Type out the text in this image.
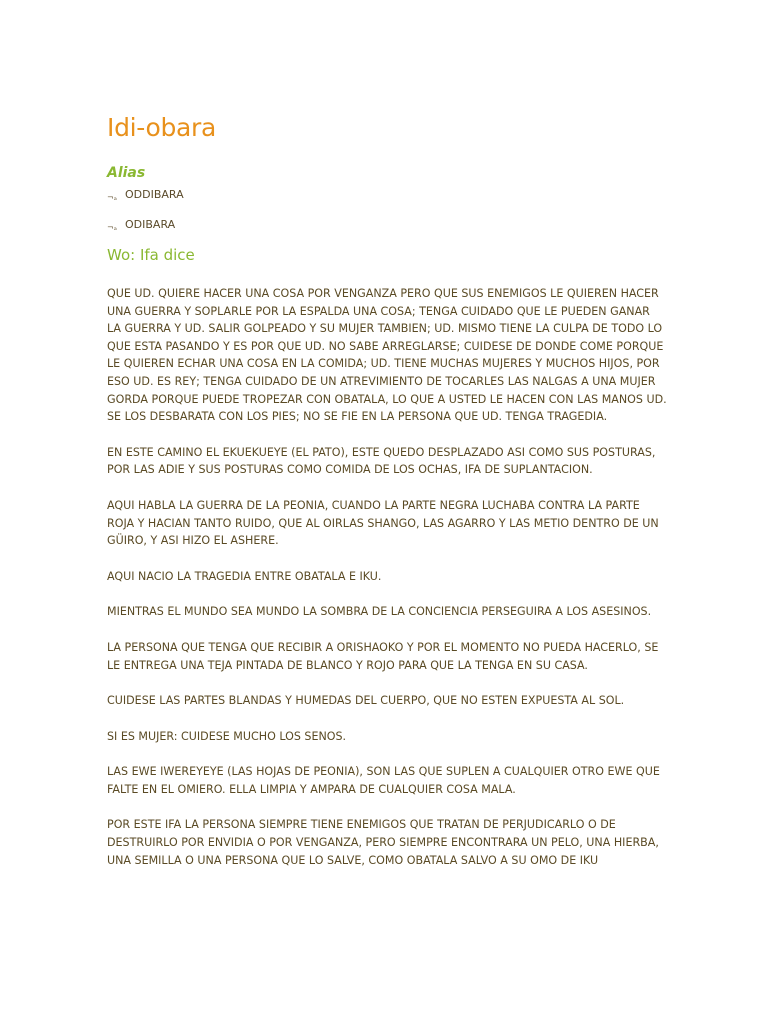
Idi-obara
Alias
¬ₐ ODDIBARA
¬ₐ ODIBARA
Wo: Ifa dice

QUE UD. QUIERE HACER UNA COSA POR VENGANZA PERO QUE SUS ENEMIGOS LE QUIEREN HACER UNA GUERRA Y SOPLARLE POR LA ESPALDA UNA COSA; TENGA CUIDADO QUE LE PUEDEN GANAR LA GUERRA Y UD. SALIR GOLPEADO Y SU MUJER TAMBIEN; UD. MISMO TIENE LA CULPA DE TODO LO QUE ESTA PASANDO Y ES POR QUE UD. NO SABE ARREGLARSE; CUIDESE DE DONDE COME PORQUE LE QUIEREN ECHAR UNA COSA EN LA COMIDA; UD. TIENE MUCHAS MUJERES Y MUCHOS HIJOS, POR ESO UD. ES REY; TENGA CUIDADO DE UN ATREVIMIENTO DE TOCARLES LAS NALGAS A UNA MUJER GORDA PORQUE PUEDE TROPEZAR CON OBATALA, LO QUE A USTED LE HACEN CON LAS MANOS UD. SE LOS DESBARATA CON LOS PIES; NO SE FIE EN LA PERSONA QUE UD. TENGA TRAGEDIA.

EN ESTE CAMINO EL EKUEKUEYE (EL PATO), ESTE QUEDO DESPLAZADO ASI COMO SUS POSTURAS, POR LAS ADIE Y SUS POSTURAS COMO COMIDA DE LOS OCHAS, IFA DE SUPLANTACION.

AQUI HABLA LA GUERRA DE LA PEONIA, CUANDO LA PARTE NEGRA LUCHABA CONTRA LA PARTE ROJA Y HACIAN TANTO RUIDO, QUE AL OIRLAS SHANGO, LAS AGARRO Y LAS METIO DENTRO DE UN GÜIRO, Y ASI HIZO EL ASHERE.

AQUI NACIO LA TRAGEDIA ENTRE OBATALA E IKU.

MIENTRAS EL MUNDO SEA MUNDO LA SOMBRA DE LA CONCIENCIA PERSEGUIRA A LOS ASESINOS.

LA PERSONA QUE TENGA QUE RECIBIR A ORISHAOKO Y POR EL MOMENTO NO PUEDA HACERLO, SE LE ENTREGA UNA TEJA PINTADA DE BLANCO Y ROJO PARA QUE LA TENGA EN SU CASA.

CUIDESE LAS PARTES BLANDAS Y HUMEDAS DEL CUERPO, QUE NO ESTEN EXPUESTA AL SOL.

SI ES MUJER: CUIDESE MUCHO LOS SENOS.

LAS EWE IWEREYEYE (LAS HOJAS DE PEONIA), SON LAS QUE SUPLEN A CUALQUIER OTRO EWE QUE FALTE EN EL OMIERO. ELLA LIMPIA Y AMPARA DE CUALQUIER COSA MALA.

POR ESTE IFA LA PERSONA SIEMPRE TIENE ENEMIGOS QUE TRATAN DE PERJUDICARLO O DE DESTRUIRLO POR ENVIDIA O POR VENGANZA, PERO SIEMPRE ENCONTRARA UN PELO, UNA HIERBA, UNA SEMILLA O UNA PERSONA QUE LO SALVE, COMO OBATALA SALVO A SU OMO DE IKU
